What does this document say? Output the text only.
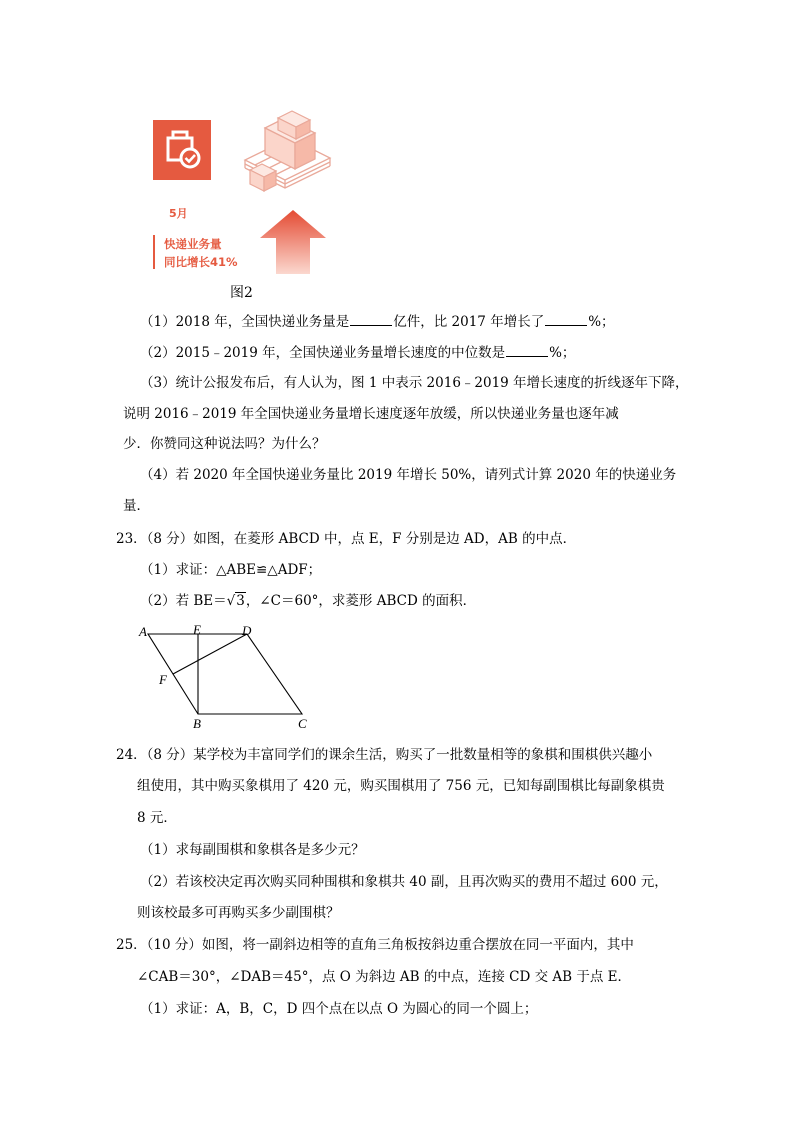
5月
快递业务量
同比增长41%
图2
（1）2018 年，全国快递业务量是	亿件，比 2017 年增长了	%；
（2）2015﹣2019 年，全国快递业务量增长速度的中位数是	%；
（3）统计公报发布后，有人认为，图 1 中表示 2016﹣2019 年增长速度的折线逐年下降，
说明 2016﹣2019 年全国快递业务量增长速度逐年放缓，所以快递业务量也逐年减
少．你赞同这种说法吗？为什么？
（4）若 2020 年全国快递业务量比 2019 年增长 50%，请列式计算 2020 年的快递业务
量．
23．（8 分）如图，在菱形 ABCD 中，点 E，F 分别是边 AD，AB 的中点．
（1）求证：△ABE≌△ADF；
（2）若 BE＝√3，∠C＝60°，求菱形 ABCD 的面积．
A	E	D
F
B	C
24．（8 分）某学校为丰富同学们的课余生活，购买了一批数量相等的象棋和围棋供兴趣小
组使用，其中购买象棋用了 420 元，购买围棋用了 756 元，已知每副围棋比每副象棋贵
8 元．
（1）求每副围棋和象棋各是多少元？
（2）若该校决定再次购买同种围棋和象棋共 40 副，且再次购买的费用不超过 600 元，
则该校最多可再购买多少副围棋？
25．（10 分）如图，将一副斜边相等的直角三角板按斜边重合摆放在同一平面内，其中
∠CAB＝30°，∠DAB＝45°，点 O 为斜边 AB 的中点，连接 CD 交 AB 于点 E．
（1）求证：A，B，C，D 四个点在以点 O 为圆心的同一个圆上；
